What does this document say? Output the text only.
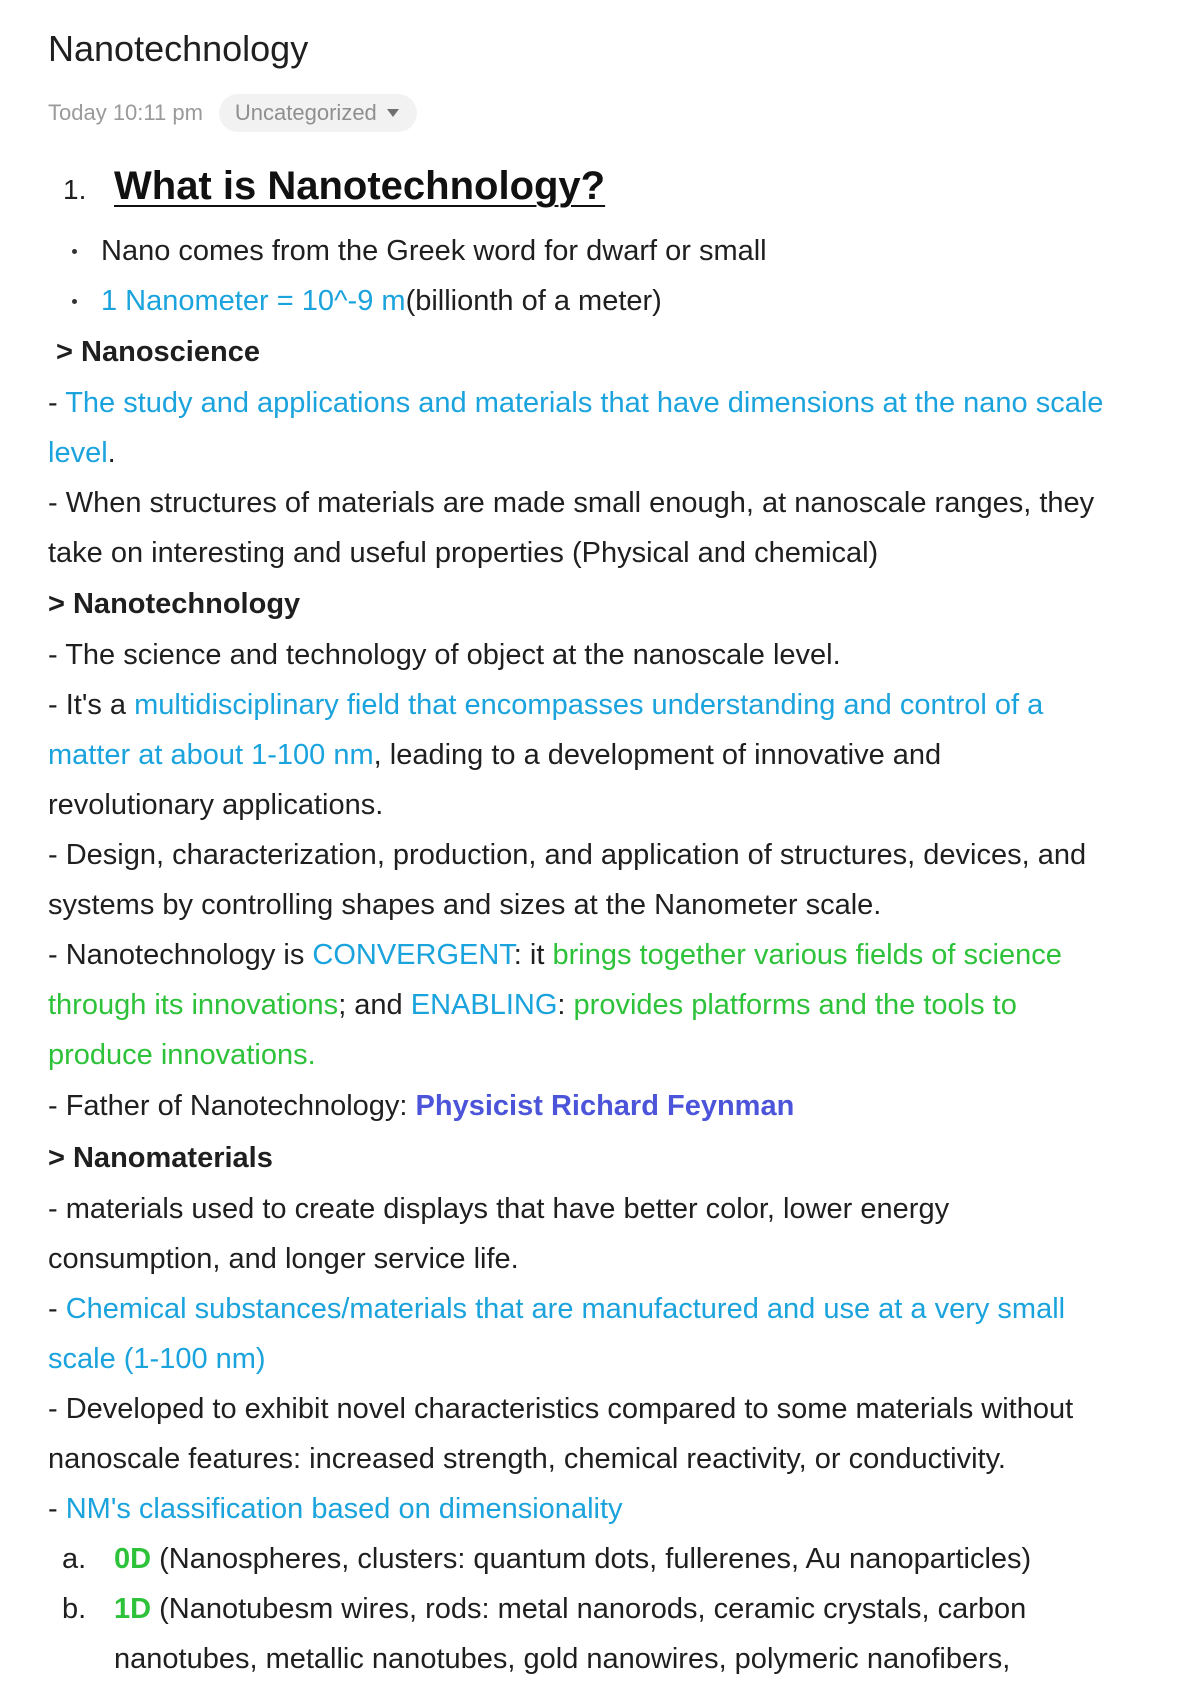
Nanotechnology
Today 10:11 pm Uncategorized
1. What is Nanotechnology?
Nano comes from the Greek word for dwarf or small
1 Nanometer = 10^-9 m (billionth of a meter)
> Nanoscience
- The study and applications and materials that have dimensions at the nano scale
level.
- When structures of materials are made small enough, at nanoscale ranges, they
take on interesting and useful properties (Physical and chemical)
> Nanotechnology
- The science and technology of object at the nanoscale level.
- It's a multidisciplinary field that encompasses understanding and control of a
matter at about 1-100 nm, leading to a development of innovative and
revolutionary applications.
- Design, characterization, production, and application of structures, devices, and
systems by controlling shapes and sizes at the Nanometer scale.
- Nanotechnology is CONVERGENT: it brings together various fields of science
through its innovations; and ENABLING: provides platforms and the tools to
produce innovations.
- Father of Nanotechnology: Physicist Richard Feynman
> Nanomaterials
- materials used to create displays that have better color, lower energy
consumption, and longer service life.
- Chemical substances/materials that are manufactured and use at a very small
scale (1-100 nm)
- Developed to exhibit novel characteristics compared to some materials without
nanoscale features: increased strength, chemical reactivity, or conductivity.
- NM's classification based on dimensionality
a. 0D (Nanospheres, clusters: quantum dots, fullerenes, Au nanoparticles)
b. 1D (Nanotubesm wires, rods: metal nanorods, ceramic crystals, carbon
nanotubes, metallic nanotubes, gold nanowires, polymeric nanofibers,
